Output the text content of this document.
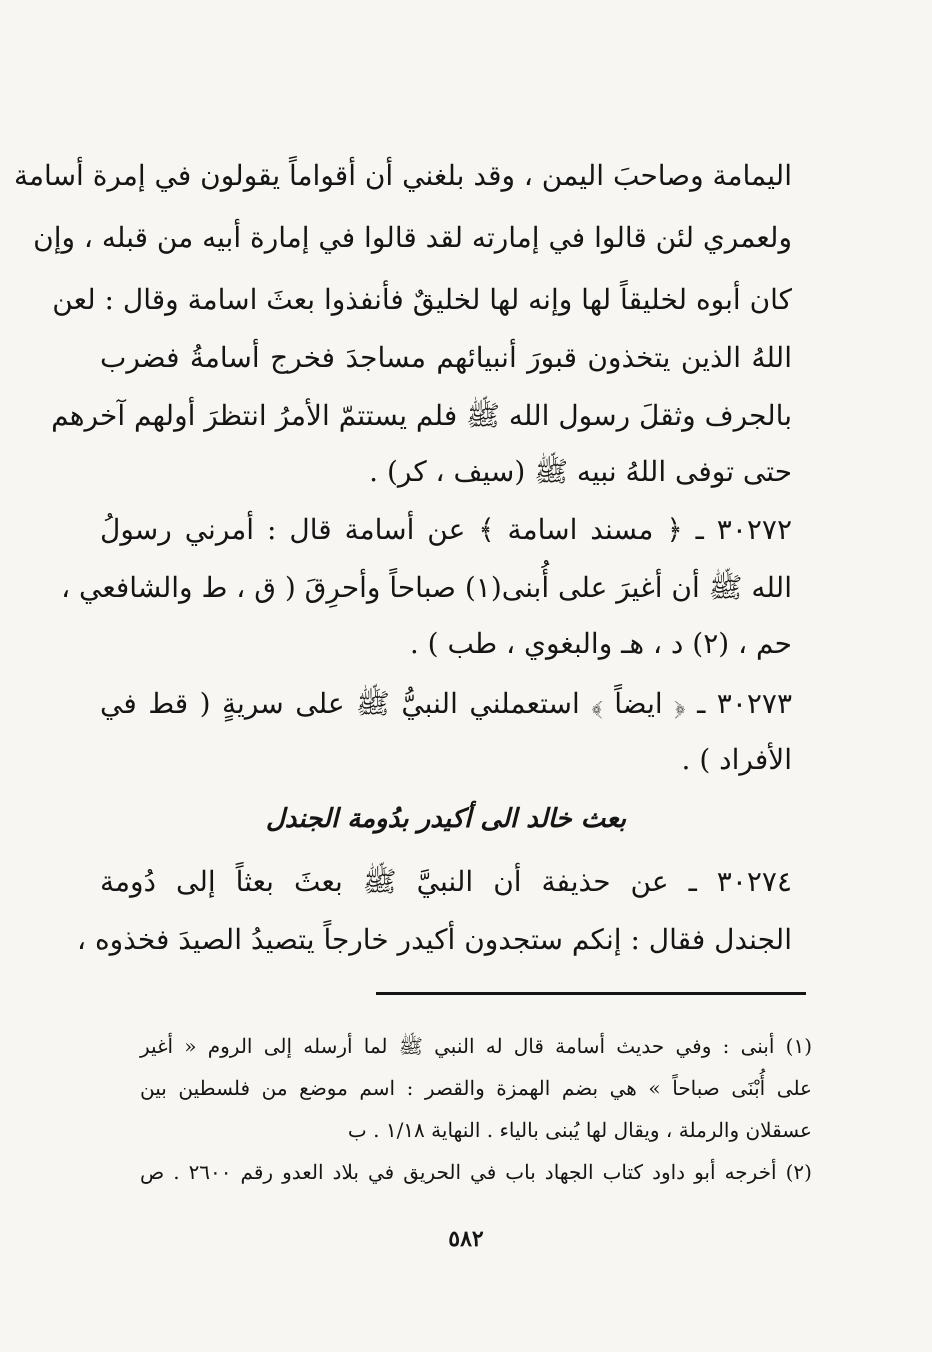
اليمامة وصاحبَ اليمن ، وقد بلغني أن أقواماً يقولون في إمرة أسامة
ولعمري لئن قالوا في إمارته لقد قالوا في إمارة أبيه من قبله ، وإن
كان أبوه لخليقاً لها وإنه لها لخليقٌ فأنفذوا بعثَ اسامة وقال : لعن
اللهُ الذين يتخذون قبورَ أنبيائهم مساجدَ فخرج أسامةُ فضرب
بالجرف وثقلَ رسول الله ﷺ فلم يستتمّ الأمرُ انتظرَ أولهم آخرهم
حتى توفى اللهُ نبيه ﷺ (سيف ، كر) .
٣٠٢٧٢ ـ ﴿ مسند اسامة ﴾ عن أسامة قال : أمرني رسولُ
الله ﷺ أن أغيرَ على أُبنى(١) صباحاً وأحرِقَ ( ق ، ط والشافعي ،
حم ، (٢) د ، هـ والبغوي ، طب ) .
٣٠٢٧٣ ـ ﴿ ايضاً ﴾ استعملني النبيُّ ﷺ على سريةٍ ( قط في
الأفراد ) .
بعث خالد الى أكيدر بدُومة الجندل
٣٠٢٧٤ ـ عن حذيفة أن النبيَّ ﷺ بعثَ بعثاً إلى دُومة
الجندل فقال : إنكم ستجدون أكيدر خارجاً يتصيدُ الصيدَ فخذوه ،
(١) أبنى : وفي حديث أسامة قال له النبي ﷺ لما أرسله إلى الروم « أغير
على أُبْنَى صباحاً » هي بضم الهمزة والقصر : اسم موضع من فلسطين بين
عسقلان والرملة ، ويقال لها يُبنى بالياء . النهاية ١/١٨ . ب
(٢) أخرجه أبو داود كتاب الجهاد باب في الحريق في بلاد العدو رقم ٢٦٠٠ . ص
٥٨٢
